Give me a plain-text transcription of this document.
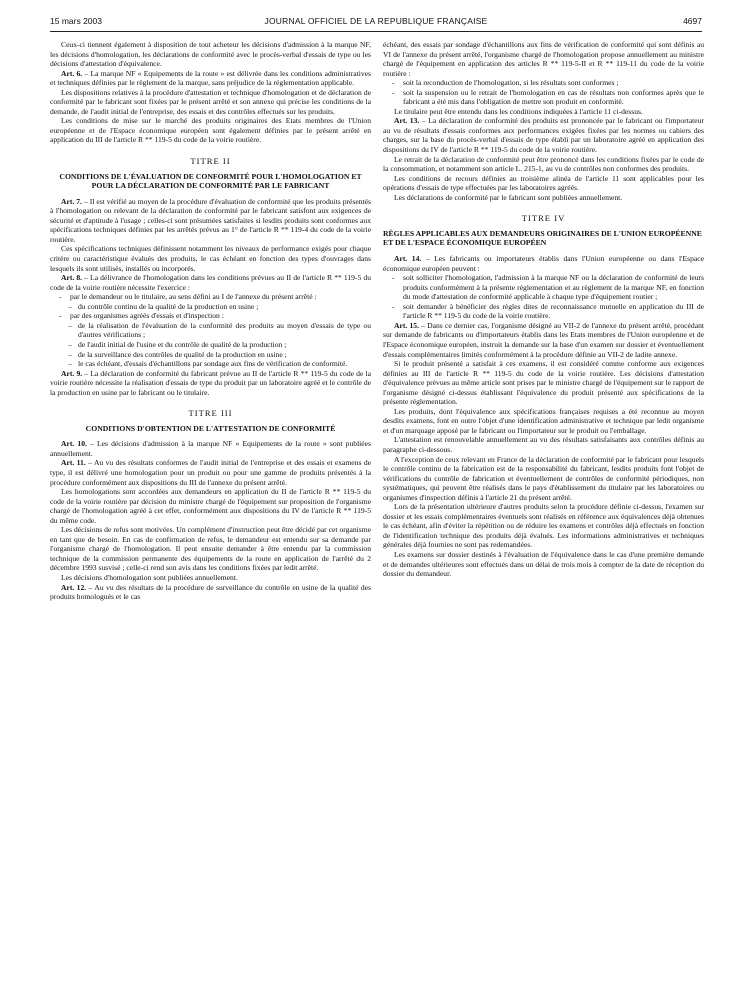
15 mars 2003	JOURNAL OFFICIEL DE LA REPUBLIQUE FRANÇAISE	4697

Ceux-ci tiennent également à disposition de tout acheteur les décisions d'admission à la marque NF, les décisions d'homologation, les déclarations de conformité avec le procès-verbal d'essais de type ou les décisions d'attestation d'équivalence.

Art. 6. – La marque NF « Equipements de la route » est délivrée dans les conditions administratives et techniques définies par le règlement de la marque, sans préjudice de la réglementation applicable.

Les dispositions relatives à la procédure d'attestation et technique d'homologation et de déclaration de conformité par le fabricant sont fixées par le présent arrêté et son annexe qui précise les conditions de la demande, de l'audit initial de l'entreprise, des essais et des contrôles effectués sur les produits.

Les conditions de mise sur le marché des produits originaires des Etats membres de l'Union européenne et de l'Espace économique européen sont également définies par le présent arrêté en application du III de l'article R ** 119-5 du code de la voirie routière.

TITRE II
CONDITIONS DE L'ÉVALUATION DE CONFORMITÉ POUR L'HOMOLOGATION ET POUR LA DÉCLARATION DE CONFORMITÉ PAR LE FABRICANT

Art. 7. – Il est vérifié au moyen de la procédure d'évaluation de conformité que les produits présentés à l'homologation ou relevant de la déclaration de conformité par le fabricant satisfont aux exigences de sécurité et d'aptitude à l'usage ; celles-ci sont présumées satisfaites si lesdits produits sont conformes aux spécifications techniques définies par les arrêtés prévus au 1° de l'article R ** 119-4 du code de la voirie routière.

Ces spécifications techniques définissent notamment les niveaux de performance exigés pour chaque critère ou caractéristique évalués des produits, le cas échéant en fonction des types d'ouvrages dans lesquels ils sont utilisés, installés ou incorporés.

Art. 8. – La délivrance de l'homologation dans les conditions prévues au II de l'article R ** 119-5 du code de la voirie routière nécessite l'exercice :

- par le demandeur ou le titulaire, au sens défini au I de l'annexe du présent arrêté :
– du contrôle continu de la qualité de la production en usine ;
- par des organismes agréés d'essais et d'inspection :
– de la réalisation de l'évaluation de la conformité des produits au moyen d'essais de type ou d'autres vérifications ;
– de l'audit initial de l'usine et du contrôle de qualité de la production ;
– de la surveillance des contrôles de qualité de la production en usine ;
– le cas échéant, d'essais d'échantillons par sondage aux fins de vérification de conformité.

Art. 9. – La déclaration de conformité du fabricant prévue au II de l'article R ** 119-5 du code de la voirie routière nécessite la réalisation d'essais de type du produit par un laboratoire agréé et le contrôle de la production en usine par le fabricant ou le titulaire.

TITRE III
CONDITIONS D'OBTENTION DE L'ATTESTATION DE CONFORMITÉ

Art. 10. – Les décisions d'admission à la marque NF « Equipements de la route » sont publiées annuellement.

Art. 11. – Au vu des résultats conformes de l'audit initial de l'entreprise et des essais et examens de type, il est délivré une homologation pour un produit ou pour une gamme de produits présentés à la procédure conformément aux dispositions du III de l'annexe du présent arrêté.

Les homologations sont accordées aux demandeurs en application du II de l'article R ** 119-5 du code de la voirie routière par décision du ministre chargé de l'équipement sur proposition de l'organisme chargé de l'homologation agréé à cet effet, conformément aux dispositions du IV de l'article R ** 119-5 du même code.

Les décisions de refus sont motivées. Un complément d'instruction peut être décidé par cet organisme en tant que de besoin. En cas de confirmation de refus, le demandeur est entendu sur sa demande par l'organisme chargé de l'homologation. Il peut ensuite demander à être entendu par la commission technique de la commission permanente des équipements de la route en application de l'arrêté du 2 décembre 1993 susvisé ; celle-ci rend son avis dans les conditions fixées par ledit arrêté.

Les décisions d'homologation sont publiées annuellement.

Art. 12. – Au vu des résultats de la procédure de surveillance du contrôle en usine de la qualité des produits homologués et le cas

échéant, des essais par sondage d'échantillons aux fins de vérification de conformité qui sont définis au VI de l'annexe du présent arrêté, l'organisme chargé de l'homologation propose annuellement au ministre chargé de l'équipement en application des articles R ** 119-5-II et R ** 119-11 du code de la voirie routière :

- soit la reconduction de l'homologation, si les résultats sont conformes ;
- soit la suspension ou le retrait de l'homologation en cas de résultats non conformes après que le fabricant a été mis dans l'obligation de mettre son produit en conformité.

Le titulaire peut être entendu dans les conditions indiquées à l'article 11 ci-dessus.

Art. 13. – La déclaration de conformité des produits est prononcée par le fabricant ou l'importateur au vu de résultats d'essais conformes aux performances exigées fixées par les normes ou cahiers des charges, sur la base du procès-verbal d'essais de type établi par un laboratoire agréé en application des dispositions du IV de l'article R ** 119-5 du code de la voirie routière.

Le retrait de la déclaration de conformité peut être prononcé dans les conditions fixées par le code de la consommation, et notamment son article L. 215-1, au vu de contrôles non conformes des produits.

Les conditions de recours définies au troisième alinéa de l'article 11 sont applicables pour les opérations d'essais de type effectuées par les laboratoires agréés.

Les déclarations de conformité par le fabricant sont publiées annuellement.

TITRE IV
RÈGLES APPLICABLES AUX DEMANDEURS ORIGINAIRES DE L'UNION EUROPÉENNE ET DE L'ESPACE ÉCONOMIQUE EUROPÉEN

Art. 14. – Les fabricants ou importateurs établis dans l'Union européenne ou dans l'Espace économique européen peuvent :

- soit solliciter l'homologation, l'admission à la marque NF ou la déclaration de conformité de leurs produits conformément à la présente réglementation et au règlement de la marque NF, en fonction du mode d'attestation de conformité applicable à chaque type d'équipement routier ;
- soit demander à bénéficier des règles dites de reconnaissance mutuelle en application du III de l'article R ** 119-5 du code de la voirie routière.

Art. 15. – Dans ce dernier cas, l'organisme désigné au VII-2 de l'annexe du présent arrêté, procédant sur demande de fabricants ou d'importateurs établis dans les Etats membres de l'Union européenne et de l'Espace économique européen, instruit la demande sur la base d'un examen sur dossier et éventuellement d'essais complémentaires limités conformément à la procédure définie au VII-2 de ladite annexe.

Si le produit présenté a satisfait à ces examens, il est considéré comme conforme aux exigences définies au III de l'article R ** 119-5 du code de la voirie routière. Les décisions d'attestation d'équivalence prévues au même article sont prises par le ministre chargé de l'équipement sur le rapport de l'organisme désigné ci-dessus établissant l'équivalence du produit présenté aux spécifications de la présente réglementation.

Les produits, dont l'équivalence aux spécifications françaises requises a été reconnue au moyen desdits examens, font en outre l'objet d'une identification administrative et technique par ledit organisme et d'un marquage apposé par le fabricant ou l'importateur sur le produit ou l'emballage.

L'attestation est renouvelable annuellement au vu des résultats satisfaisants aux contrôles définis au paragraphe ci-dessous.

A l'exception de ceux relevant en France de la déclaration de conformité par le fabricant pour lesquels le contrôle continu de la fabrication est de la responsabilité du fabricant, lesdits produits font l'objet de vérifications du contrôle de fabrication et éventuellement de contrôles de conformité périodiques, non systématiques, qui peuvent être réalisés dans le pays d'établissement du titulaire par les laboratoires ou organismes d'inspection définis à l'article 21 du présent arrêté.

Lors de la présentation ultérieure d'autres produits selon la procédure définie ci-dessus, l'examen sur dossier et les essais complémentaires éventuels sont réalisés en référence aux équivalences déjà obtenues le cas échéant, afin d'éviter la répétition ou de réduire les examens et contrôles déjà effectués en fonction de l'identification technique des produits déjà évalués. Les informations administratives et techniques générales déjà fournies ne sont pas redemandées.

Les examens sur dossier destinés à l'évaluation de l'équivalence dans le cas d'une première demande et de demandes ultérieures sont effectués dans un délai de trois mois à compter de la date de réception du dossier du demandeur.
